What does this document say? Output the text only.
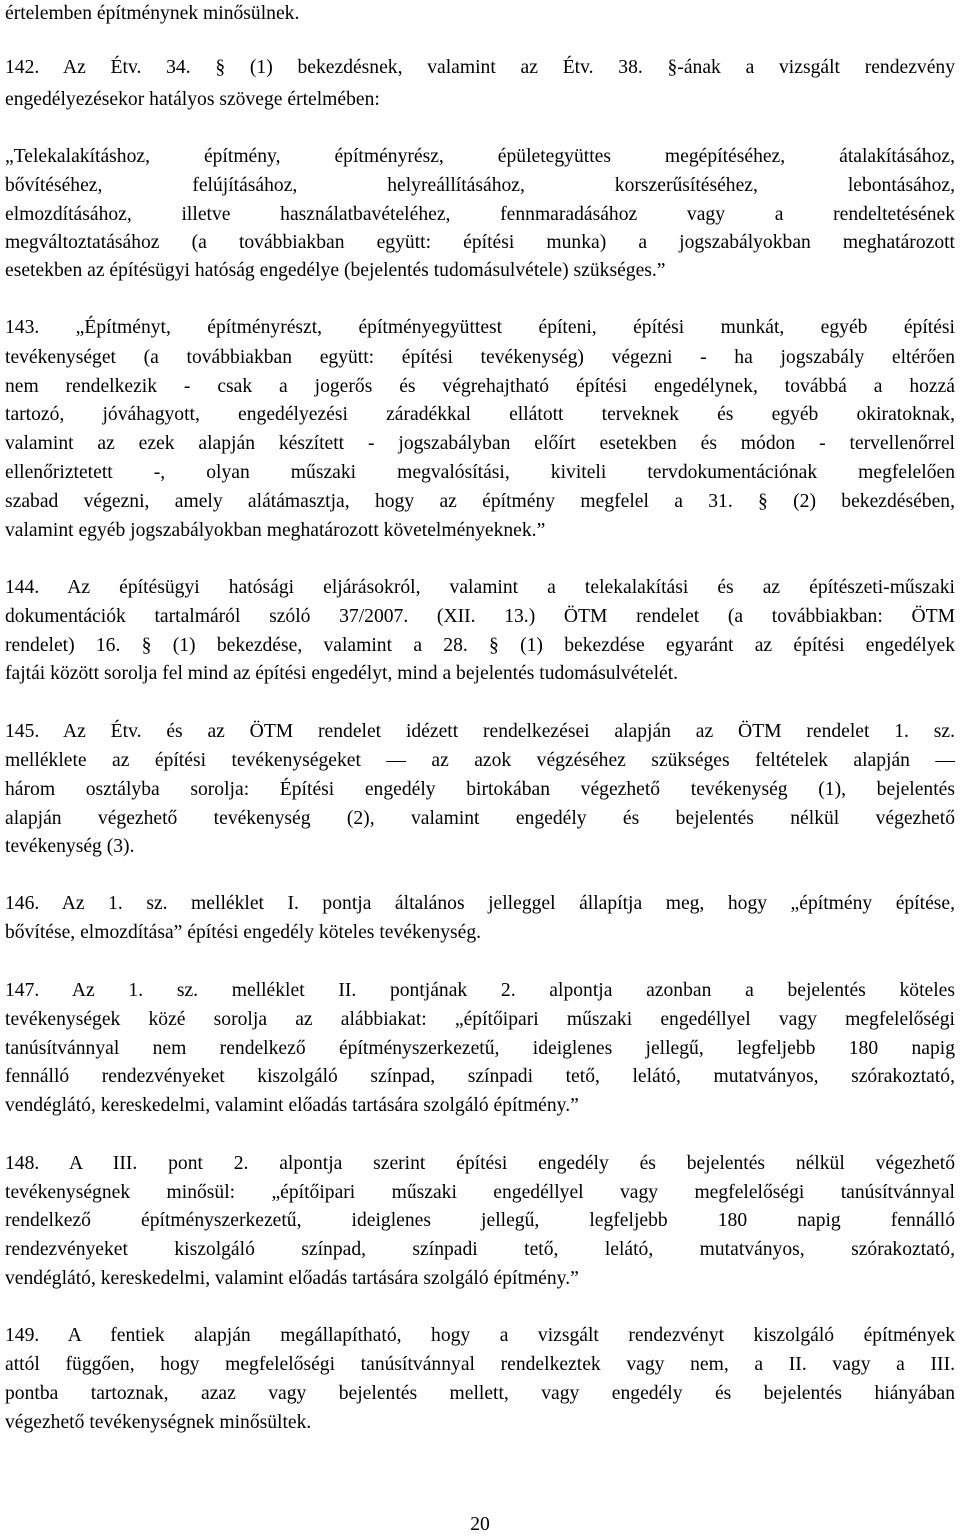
értelemben építménynek minősülnek.
142. Az Étv. 34. § (1) bekezdésnek, valamint az Étv. 38. §-ának a vizsgált rendezvény
engedélyezésekor hatályos szövege értelmében:
„Telekalakításhoz, építmény, építményrész, épületegyüttes megépítéséhez, átalakításához,
bővítéséhez, felújításához, helyreállításához, korszerűsítéséhez, lebontásához,
elmozdításához, illetve használatbavételéhez, fennmaradásához vagy a rendeltetésének
megváltoztatásához (a továbbiakban együtt: építési munka) a jogszabályokban meghatározott
esetekben az építésügyi hatóság engedélye (bejelentés tudomásulvétele) szükséges.”
143. „Építményt, építményrészt, építményegyüttest építeni, építési munkát, egyéb építési
tevékenységet (a továbbiakban együtt: építési tevékenység) végezni - ha jogszabály eltérően
nem rendelkezik - csak a jogerős és végrehajtható építési engedélynek, továbbá a hozzá
tartozó, jóváhagyott, engedélyezési záradékkal ellátott terveknek és egyéb okiratoknak,
valamint az ezek alapján készített - jogszabályban előírt esetekben és módon - tervellenőrrel
ellenőriztetett -, olyan műszaki megvalósítási, kiviteli tervdokumentációnak megfelelően
szabad végezni, amely alátámasztja, hogy az építmény megfelel a 31. § (2) bekezdésében,
valamint egyéb jogszabályokban meghatározott követelményeknek.”
144. Az építésügyi hatósági eljárásokról, valamint a telekalakítási és az építészeti-műszaki
dokumentációk tartalmáról szóló 37/2007. (XII. 13.) ÖTM rendelet (a továbbiakban: ÖTM
rendelet) 16. § (1) bekezdése, valamint a 28. § (1) bekezdése egyaránt az építési engedélyek
fajtái között sorolja fel mind az építési engedélyt, mind a bejelentés tudomásulvételét.
145. Az Étv. és az ÖTM rendelet idézett rendelkezései alapján az ÖTM rendelet 1. sz.
melléklete az építési tevékenységeket — az azok végzéséhez szükséges feltételek alapján —
három osztályba sorolja: Építési engedély birtokában végezhető tevékenység (1), bejelentés
alapján végezhető tevékenység (2), valamint engedély és bejelentés nélkül végezhető
tevékenység (3).
146. Az 1. sz. melléklet I. pontja általános jelleggel állapítja meg, hogy „építmény építése,
bővítése, elmozdítása” építési engedély köteles tevékenység.
147. Az 1. sz. melléklet II. pontjának 2. alpontja azonban a bejelentés köteles
tevékenységek közé sorolja az alábbiakat: „építőipari műszaki engedéllyel vagy megfelelőségi
tanúsítvánnyal nem rendelkező építményszerkezetű, ideiglenes jellegű, legfeljebb 180 napig
fennálló rendezvényeket kiszolgáló színpad, színpadi tető, lelátó, mutatványos, szórakoztató,
vendéglátó, kereskedelmi, valamint előadás tartására szolgáló építmény.”
148. A III. pont 2. alpontja szerint építési engedély és bejelentés nélkül végezhető
tevékenységnek minősül: „építőipari műszaki engedéllyel vagy megfelelőségi tanúsítvánnyal
rendelkező építményszerkezetű, ideiglenes jellegű, legfeljebb 180 napig fennálló
rendezvényeket kiszolgáló színpad, színpadi tető, lelátó, mutatványos, szórakoztató,
vendéglátó, kereskedelmi, valamint előadás tartására szolgáló építmény.”
149. A fentiek alapján megállapítható, hogy a vizsgált rendezvényt kiszolgáló építmények
attól függően, hogy megfelelőségi tanúsítvánnyal rendelkeztek vagy nem, a II. vagy a III.
pontba tartoznak, azaz vagy bejelentés mellett, vagy engedély és bejelentés hiányában
végezhető tevékenységnek minősültek.
20
